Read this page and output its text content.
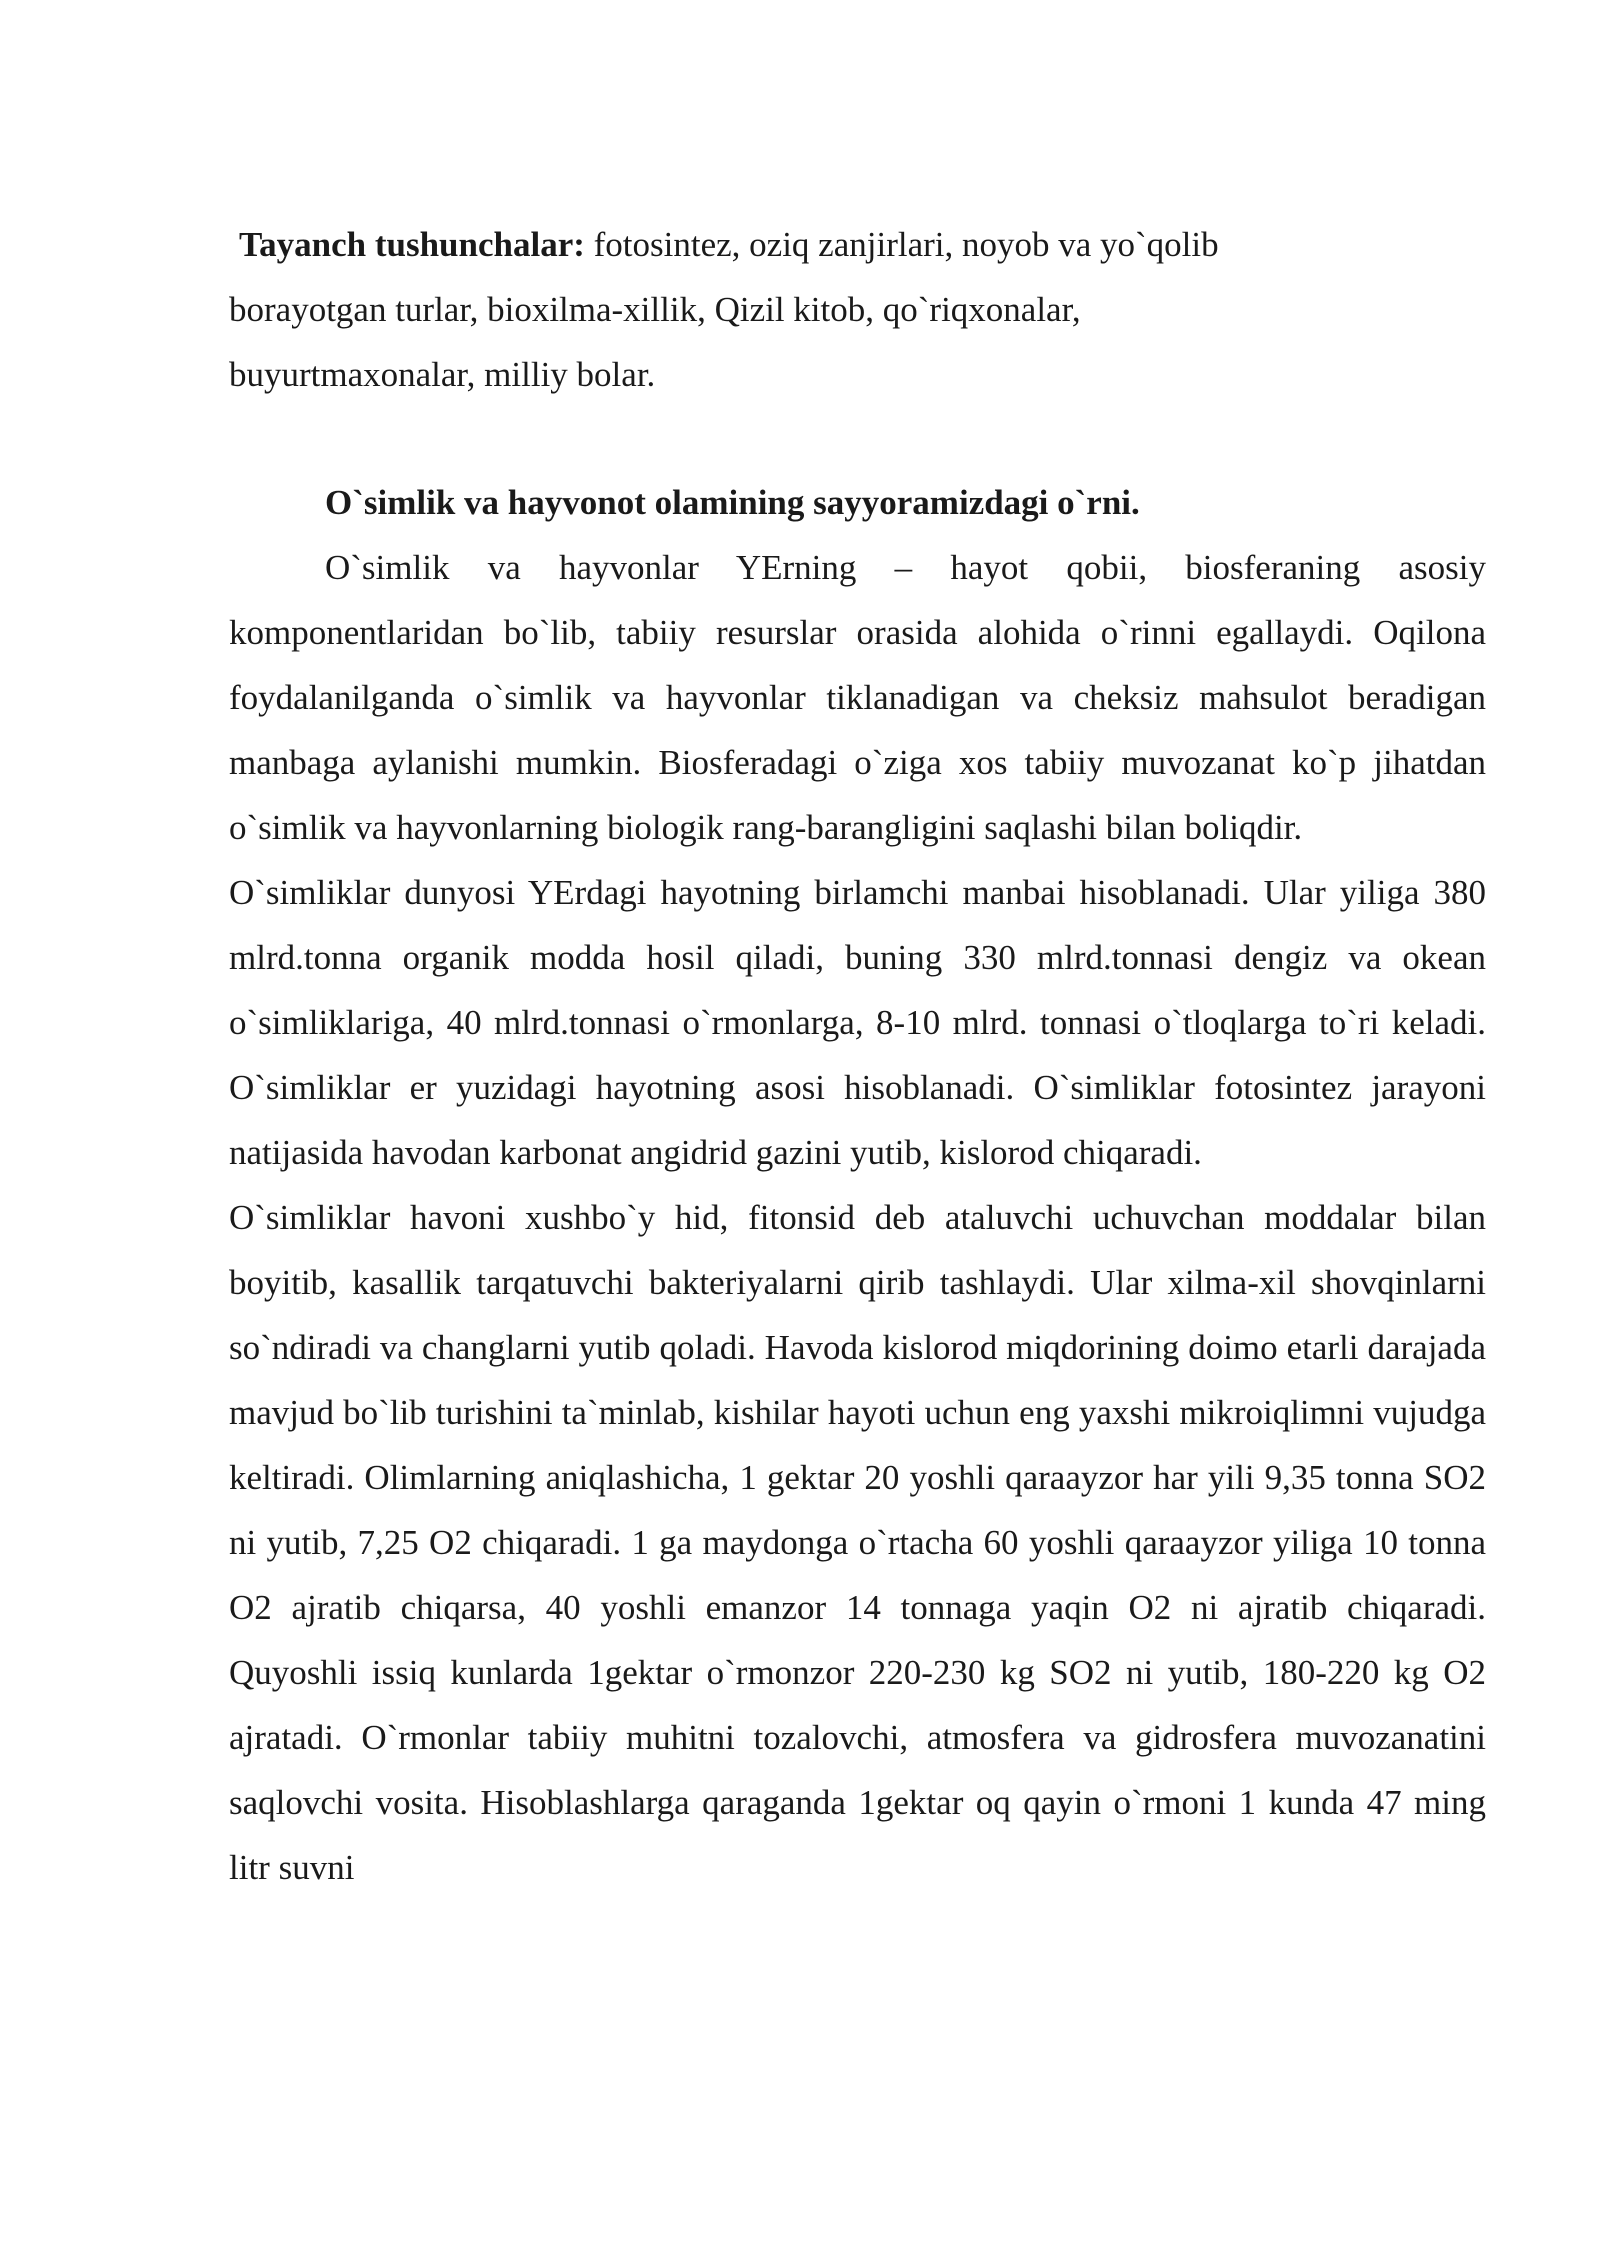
Tayanch tushunchalar: fotosintez, oziq zanjirlari, noyob va yo`qolib borayotgan turlar, bioxilma-xillik, Qizil kitob, qo`riqxonalar, buyurtmaxonalar, milliy bolar.

O`simlik va hayvonot olamining sayyoramizdagi o`rni.

O`simlik va hayvonlar YErning – hayot qobii, biosferaning asosiy komponentlaridan bo`lib, tabiiy resurslar orasida alohida o`rinni egallaydi. Oqilona foydalanilganda o`simlik va hayvonlar tiklanadigan va cheksiz mahsulot beradigan manbaga aylanishi mumkin. Biosferadagi o`ziga xos tabiiy muvozanat ko`p jihatdan o`simlik va hayvonlarning biologik rang-barangligini saqlashi bilan boliqdir.

O`simliklar dunyosi YErdagi hayotning birlamchi manbai hisoblanadi. Ular yiliga 380 mlrd.tonna organik modda hosil qiladi, buning 330 mlrd.tonnasi dengiz va okean o`simliklariga, 40 mlrd.tonnasi o`rmonlarga, 8-10 mlrd. tonnasi o`tloqlarga to`ri keladi. O`simliklar er yuzidagi hayotning asosi hisoblanadi. O`simliklar fotosintez jarayoni natijasida havodan karbonat angidrid gazini yutib, kislorod chiqaradi.

O`simliklar havoni xushbo`y hid, fitonsid deb ataluvchi uchuvchan moddalar bilan boyitib, kasallik tarqatuvchi bakteriyalarni qirib tashlaydi. Ular xilma-xil shovqinlarni so`ndiradi va changlarni yutib qoladi. Havoda kislorod miqdorining doimo etarli darajada mavjud bo`lib turishini ta`minlab, kishilar hayoti uchun eng yaxshi mikroiqlimni vujudga keltiradi. Olimlarning aniqlashicha, 1 gektar 20 yoshli qaraayzor har yili 9,35 tonna SO2 ni yutib, 7,25 O2 chiqaradi. 1 ga maydonga o`rtacha 60 yoshli qaraayzor yiliga 10 tonna O2 ajratib chiqarsa, 40 yoshli emanzor 14 tonnaga yaqin O2 ni ajratib chiqaradi. Quyoshli issiq kunlarda 1gektar o`rmonzor 220-230 kg SO2 ni yutib, 180-220 kg O2 ajratadi. O`rmonlar tabiiy muhitni tozalovchi, atmosfera va gidrosfera muvozanatini saqlovchi vosita. Hisoblashlarga qaraganda 1gektar oq qayin o`rmoni 1 kunda 47 ming litr suvni
